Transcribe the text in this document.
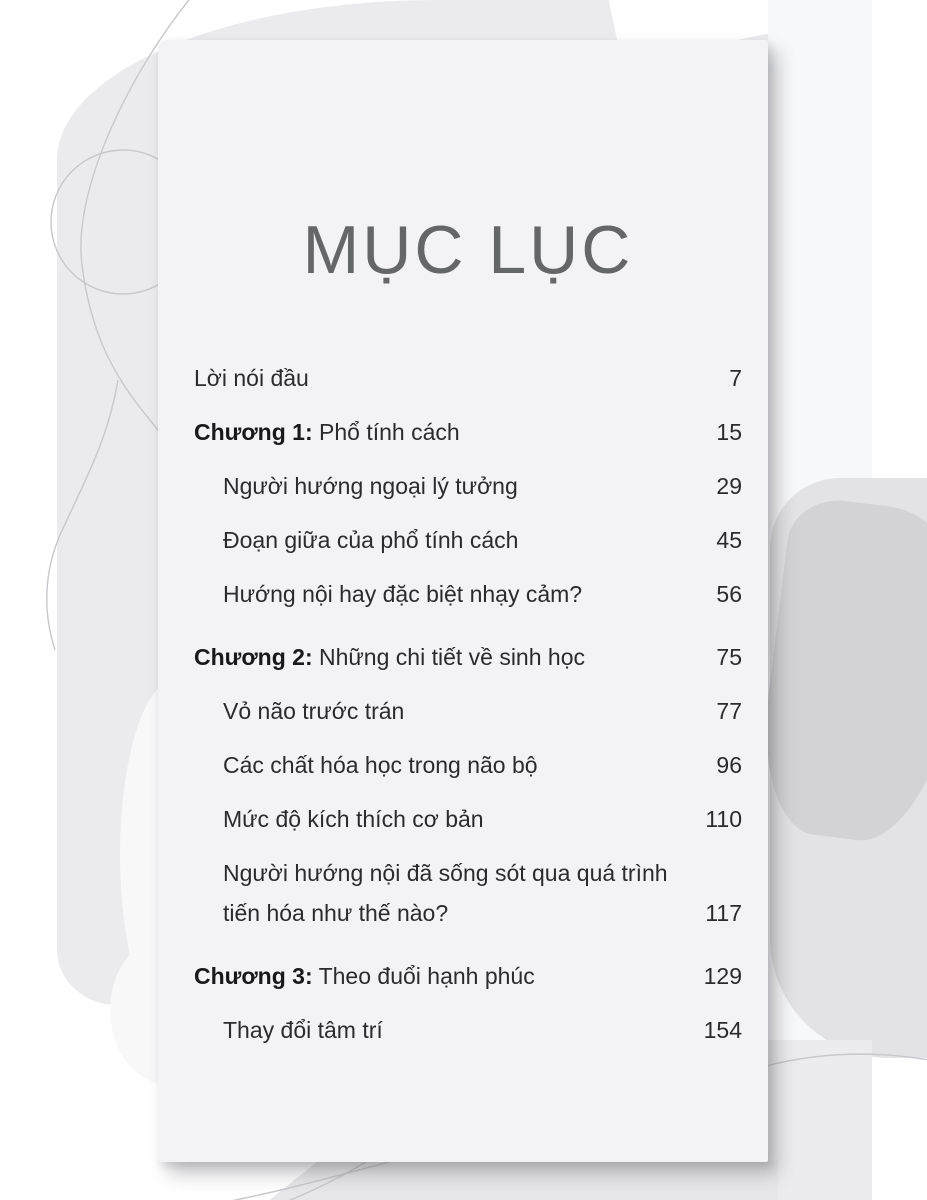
MỤC LỤC
Lời nói đầu	7
Chương 1: Phổ tính cách	15
Người hướng ngoại lý tưởng	29
Đoạn giữa của phổ tính cách	45
Hướng nội hay đặc biệt nhạy cảm?	56
Chương 2: Những chi tiết về sinh học	75
Vỏ não trước trán	77
Các chất hóa học trong não bộ	96
Mức độ kích thích cơ bản	110
Người hướng nội đã sống sót qua quá trình
tiến hóa như thế nào?	117
Chương 3: Theo đuổi hạnh phúc	129
Thay đổi tâm trí	154
